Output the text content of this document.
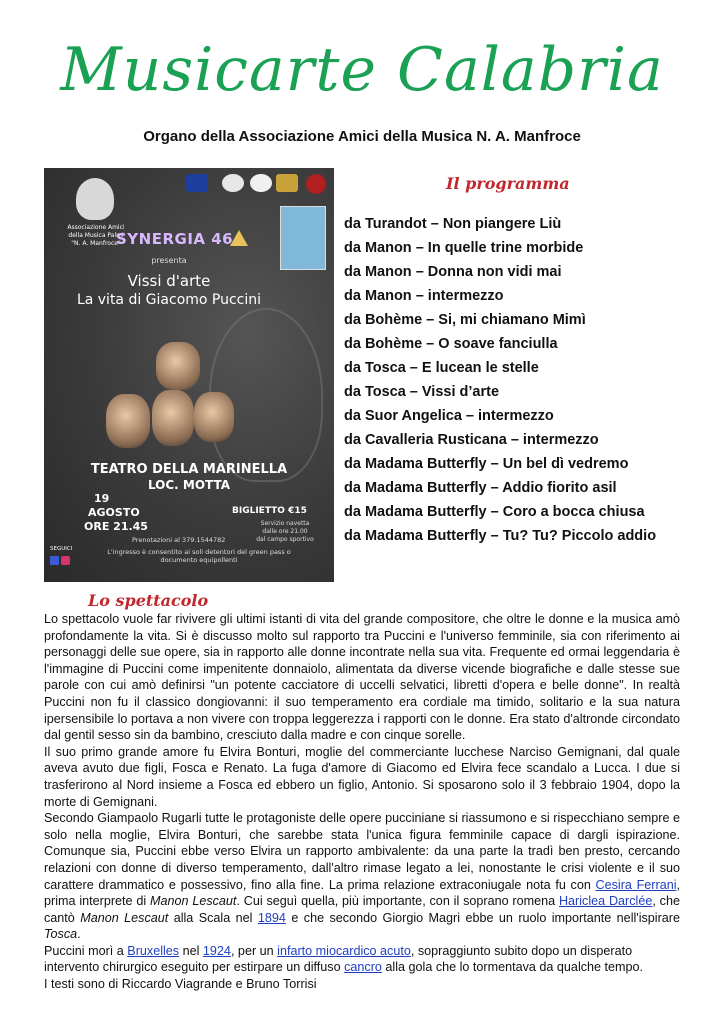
Musicarte Calabria
Organo della Associazione Amici della Musica N. A. Manfroce
Associazione Amici
della Musica Palmi
"N. A. Manfroce"
SYNERGIA 46
presenta
Vissi d'arte
La vita di Giacomo Puccini
TEATRO DELLA MARINELLA
LOC. MOTTA
19
AGOSTO
ORE 21.45
BIGLIETTO €15
Servizio navetta
dalle ore 21.00
dal campo sportivo
Prenotazioni al 379.1544782
L'ingresso è consentito ai soli detentori del green pass o
documento equipollenti
SEGUICI
Il programma
da Turandot – Non piangere Liù
da Manon – In quelle trine morbide
da Manon – Donna non vidi mai
da Manon – intermezzo
da Bohème – Si, mi chiamano Mimì
da Bohème – O soave fanciulla
da Tosca – E lucean le stelle
da Tosca – Vissi d’arte
da Suor Angelica – intermezzo
da Cavalleria Rusticana – intermezzo
da Madama Butterfly – Un bel dì vedremo
da Madama Butterfly – Addio fiorito asil
da Madama Butterfly – Coro a bocca chiusa
da Madama Butterfly – Tu? Tu? Piccolo addio
Lo spettacolo

Lo spettacolo vuole far rivivere gli ultimi istanti di vita del grande compositore, che oltre le donne e la musica amò profondamente la vita. Si è discusso molto sul rapporto tra Puccini e l'universo femminile, sia con riferimento ai personaggi delle sue opere, sia in rapporto alle donne incontrate nella sua vita. Frequente ed ormai leggendaria è l'immagine di Puccini come impenitente donnaiolo, alimentata da diverse vicende biografiche e dalle stesse sue parole con cui amò definirsi "un potente cacciatore di uccelli selvatici, libretti d'opera e belle donne". In realtà Puccini non fu il classico dongiovanni: il suo temperamento era cordiale ma timido, solitario e la sua natura ipersensibile lo portava a non vivere con troppa leggerezza i rapporti con le donne. Era stato d'altronde circondato dal gentil sesso sin da bambino, cresciuto dalla madre e con cinque sorelle.

Il suo primo grande amore fu Elvira Bonturi, moglie del commerciante lucchese Narciso Gemignani, dal quale aveva avuto due figli, Fosca e Renato. La fuga d'amore di Giacomo ed Elvira fece scandalo a Lucca. I due si trasferirono al Nord insieme a Fosca ed ebbero un figlio, Antonio. Si sposarono solo il 3 febbraio 1904, dopo la morte di Gemignani.

Secondo Giampaolo Rugarli tutte le protagoniste delle opere pucciniane si riassumono e si rispecchiano sempre e solo nella moglie, Elvira Bonturi, che sarebbe stata l'unica figura femminile capace di dargli ispirazione. Comunque sia, Puccini ebbe verso Elvira un rapporto ambivalente: da una parte la tradì ben presto, cercando relazioni con donne di diverso temperamento, dall'altro rimase legato a lei, nonostante le crisi violente e il suo carattere drammatico e possessivo, fino alla fine. La prima relazione extraconiugale nota fu con Cesira Ferrani, prima interprete di Manon Lescaut. Cui seguì quella, più importante, con il soprano romena Hariclea Darclée, che cantò Manon Lescaut alla Scala nel 1894 e che secondo Giorgio Magri ebbe un ruolo importante nell'ispirare Tosca.

Puccini morì a Bruxelles nel 1924, per un infarto miocardico acuto, sopraggiunto subito dopo un disperato intervento chirurgico eseguito per estirpare un diffuso cancro alla gola che lo tormentava da qualche tempo.

I testi sono di Riccardo Viagrande e Bruno Torrisi
